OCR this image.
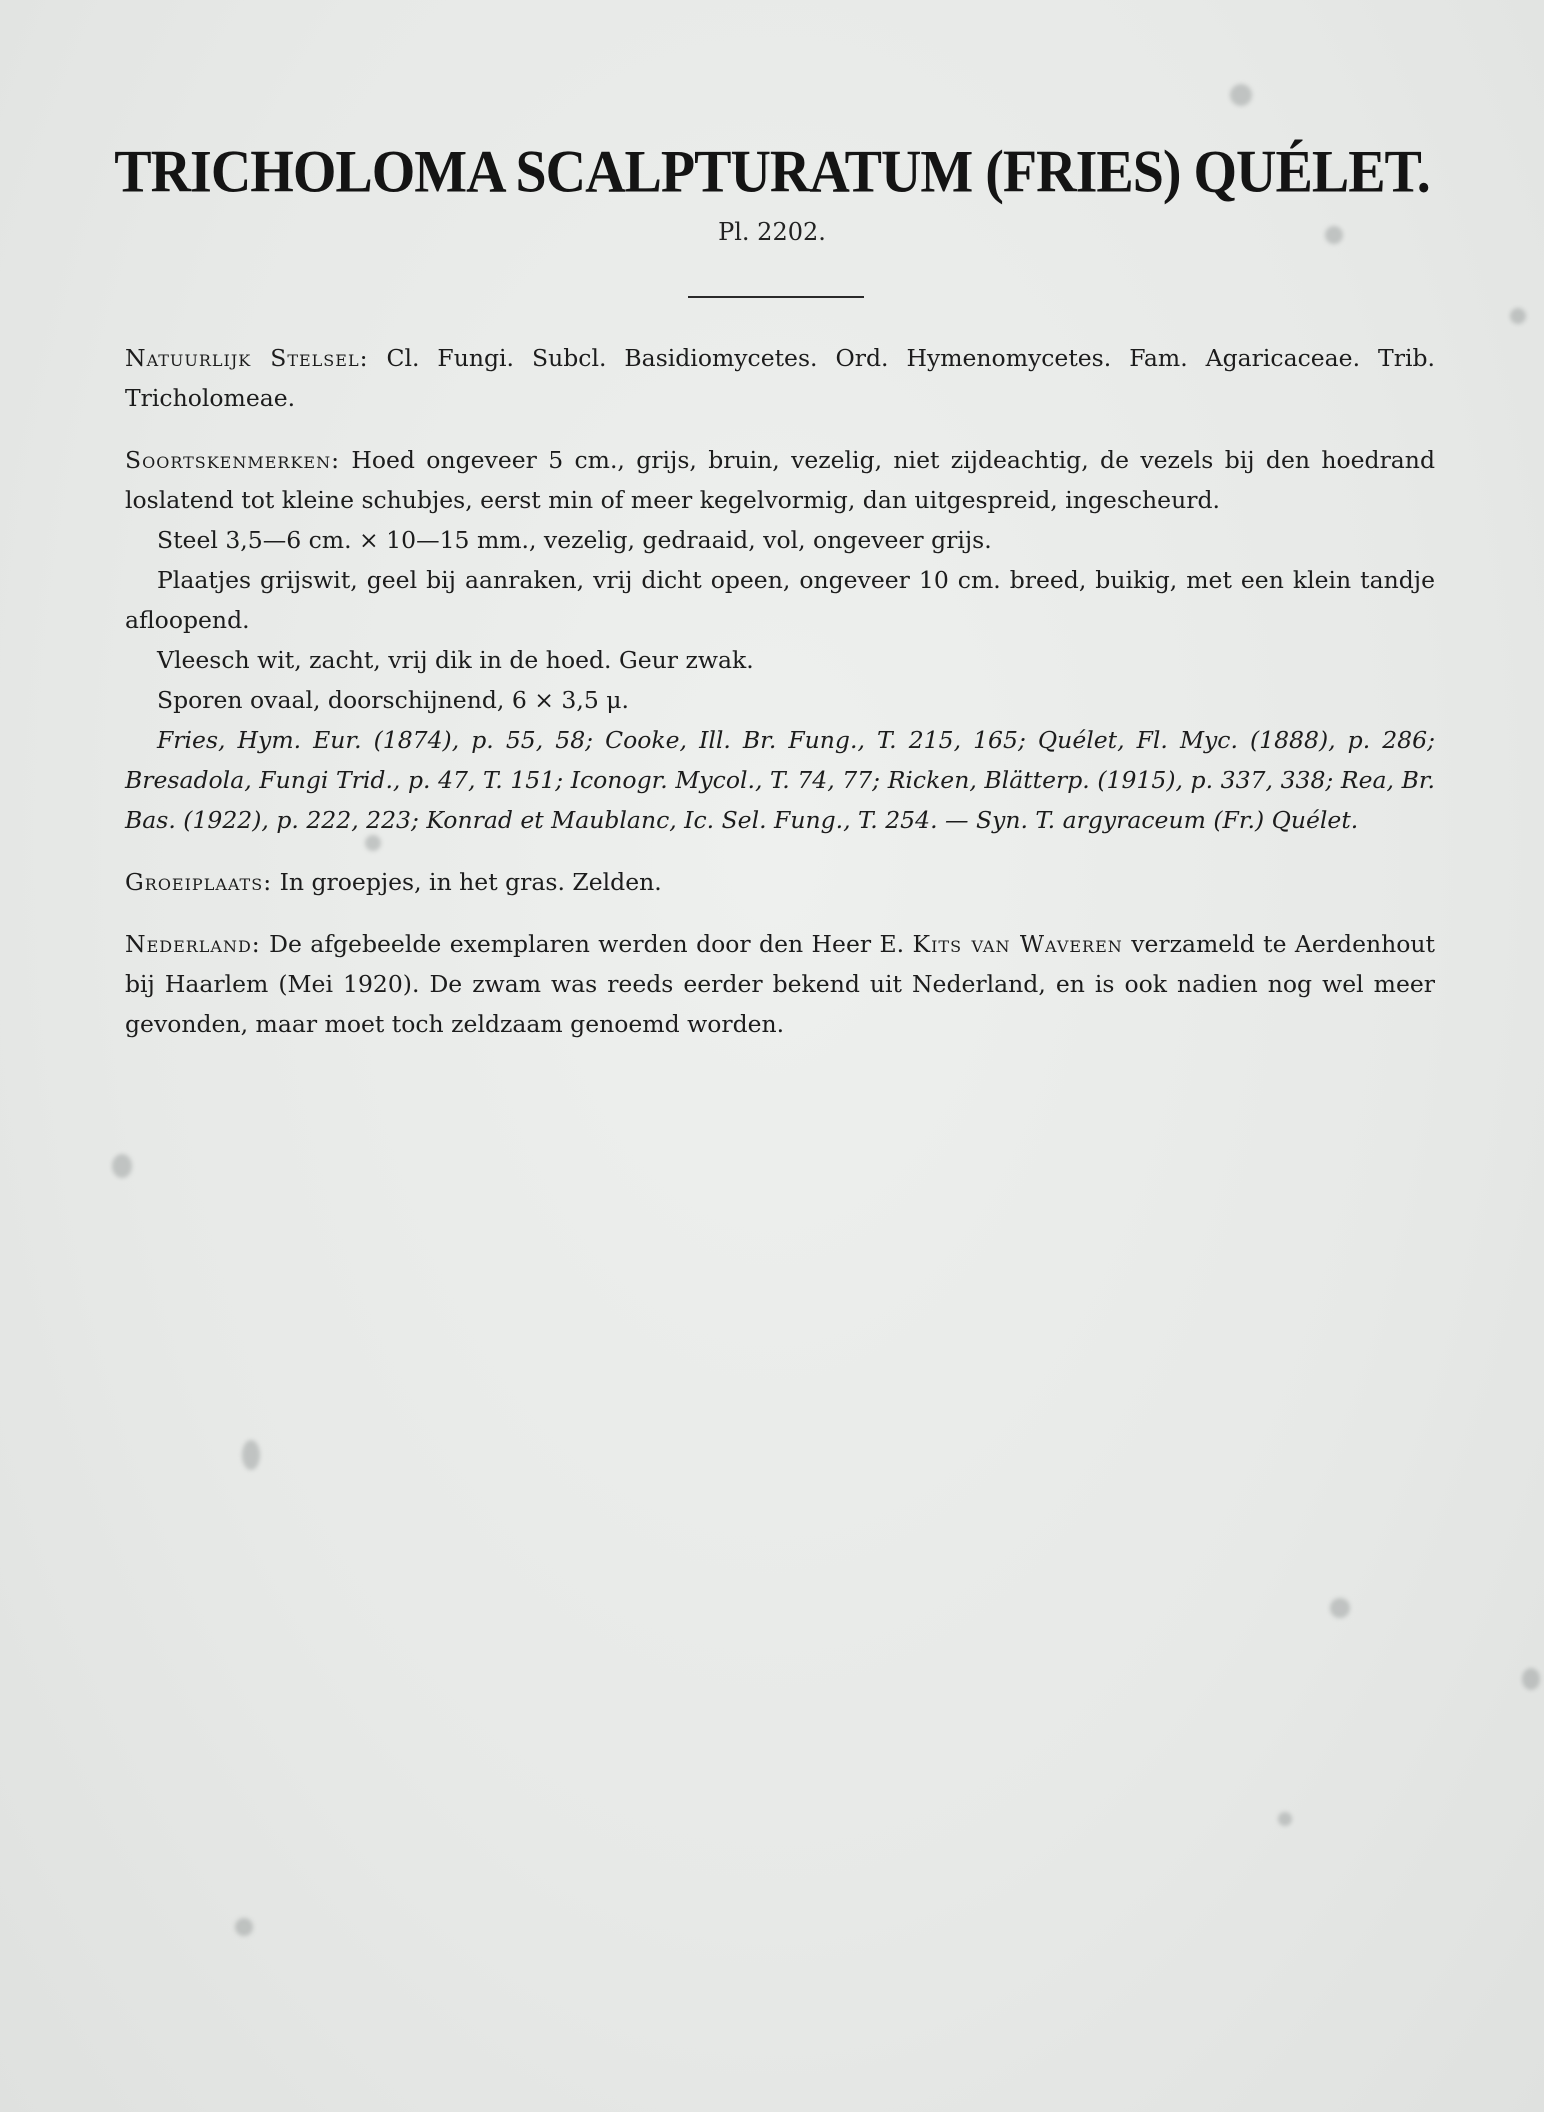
TRICHOLOMA SCALPTURATUM (FRIES) QUÉLET.
Pl. 2202.

Natuurlijk Stelsel: Cl. Fungi. Subcl. Basidiomycetes. Ord. Hymenomycetes. Fam. Agaricaceae. Trib. Tricholomeae.

Soortskenmerken: Hoed ongeveer 5 cm., grijs, bruin, vezelig, niet zijdeachtig, de vezels bij den hoedrand loslatend tot kleine schubjes, eerst min of meer kegelvormig, dan uitgespreid, ingescheurd.

Steel 3,5—6 cm. × 10—15 mm., vezelig, gedraaid, vol, ongeveer grijs.

Plaatjes grijswit, geel bij aanraken, vrij dicht opeen, ongeveer 10 cm. breed, buikig, met een klein tandje afloopend.

Vleesch wit, zacht, vrij dik in de hoed. Geur zwak.

Sporen ovaal, doorschijnend, 6 × 3,5 μ.

Fries, Hym. Eur. (1874), p. 55, 58; Cooke, Ill. Br. Fung., T. 215, 165; Quélet, Fl. Myc. (1888), p. 286; Bresadola, Fungi Trid., p. 47, T. 151; Iconogr. Mycol., T. 74, 77; Ricken, Blätterp. (1915), p. 337, 338; Rea, Br. Bas. (1922), p. 222, 223; Konrad et Maublanc, Ic. Sel. Fung., T. 254. — Syn. T. argyraceum (Fr.) Quélet.

Groeiplaats: In groepjes, in het gras. Zelden.

Nederland: De afgebeelde exemplaren werden door den Heer E. Kits van Waveren verzameld te Aerdenhout bij Haarlem (Mei 1920). De zwam was reeds eerder bekend uit Nederland, en is ook nadien nog wel meer gevonden, maar moet toch zeldzaam genoemd worden.
